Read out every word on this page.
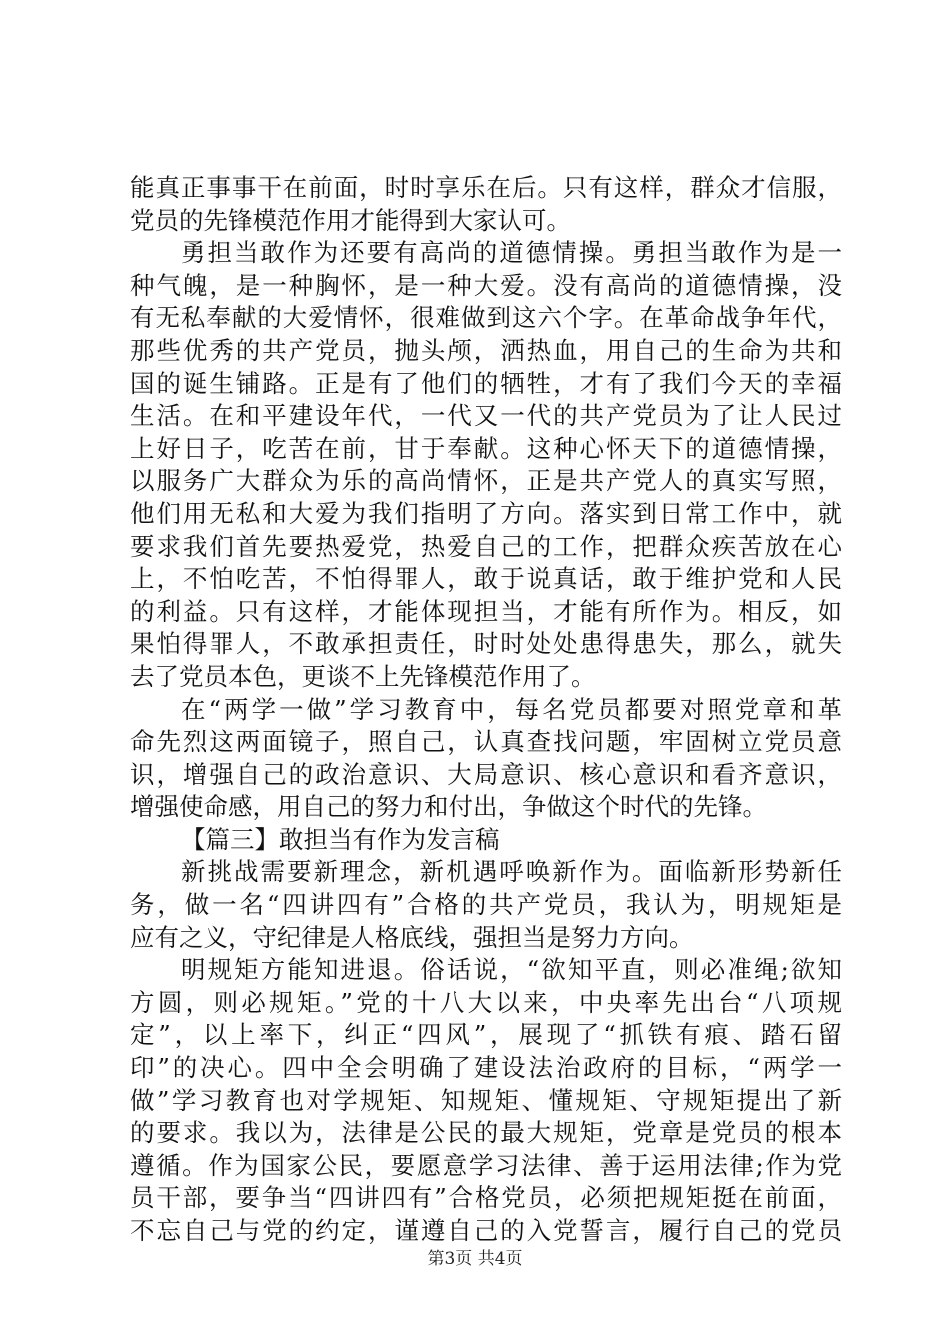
能真正事事干在前面，时时享乐在后。只有这样，群众才信服，
党员的先锋模范作用才能得到大家认可。
勇担当敢作为还要有高尚的道德情操。勇担当敢作为是一
种气魄，是一种胸怀，是一种大爱。没有高尚的道德情操，没
有无私奉献的大爱情怀，很难做到这六个字。在革命战争年代，
那些优秀的共产党员，抛头颅，洒热血，用自己的生命为共和
国的诞生铺路。正是有了他们的牺牲，才有了我们今天的幸福
生活。在和平建设年代，一代又一代的共产党员为了让人民过
上好日子，吃苦在前，甘于奉献。这种心怀天下的道德情操，
以服务广大群众为乐的高尚情怀，正是共产党人的真实写照，
他们用无私和大爱为我们指明了方向。落实到日常工作中，就
要求我们首先要热爱党，热爱自己的工作，把群众疾苦放在心
上，不怕吃苦，不怕得罪人，敢于说真话，敢于维护党和人民
的利益。只有这样，才能体现担当，才能有所作为。相反，如
果怕得罪人，不敢承担责任，时时处处患得患失，那么，就失
去了党员本色，更谈不上先锋模范作用了。
在“两学一做”学习教育中，每名党员都要对照党章和革
命先烈这两面镜子，照自己，认真查找问题，牢固树立党员意
识，增强自己的政治意识、大局意识、核心意识和看齐意识，
增强使命感，用自己的努力和付出，争做这个时代的先锋。
【篇三】敢担当有作为发言稿
新挑战需要新理念，新机遇呼唤新作为。面临新形势新任
务，做一名“四讲四有”合格的共产党员，我认为，明规矩是
应有之义，守纪律是人格底线，强担当是努力方向。
明规矩方能知进退。俗话说，“欲知平直，则必准绳;欲知
方圆，则必规矩。”党的十八大以来，中央率先出台“八项规
定”，以上率下，纠正“四风”，展现了“抓铁有痕、踏石留
印”的决心。四中全会明确了建设法治政府的目标，“两学一
做”学习教育也对学规矩、知规矩、懂规矩、守规矩提出了新
的要求。我以为，法律是公民的最大规矩，党章是党员的根本
遵循。作为国家公民，要愿意学习法律、善于运用法律;作为党
员干部，要争当“四讲四有”合格党员，必须把规矩挺在前面，
不忘自己与党的约定，谨遵自己的入党誓言，履行自己的党员
第3页 共4页
